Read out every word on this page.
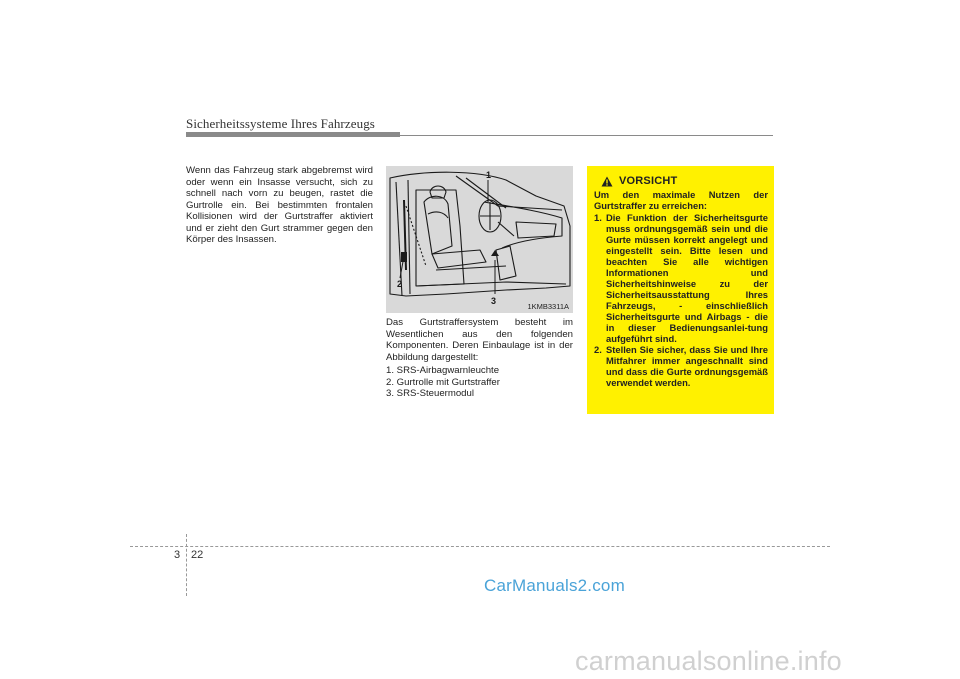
Sicherheitssysteme Ihres Fahrzeugs
Wenn das Fahrzeug stark abgebremst wird oder wenn ein Insasse versucht, sich zu schnell nach vorn zu beugen, rastet die Gurtrolle ein. Bei bestimmten frontalen Kollisionen wird der Gurtstraffer aktiviert und er zieht den Gurt strammer gegen den Körper des Insassen.
1
2
3
1KMB3311A

Das Gurtstraffersystem besteht im Wesentlichen aus den folgenden Komponenten. Deren Einbaulage ist in der Abbildung dargestellt:

1. SRS-Airbagwarnleuchte

2. Gurtrolle mit Gurtstraffer

3. SRS-Steuermodul

VORSICHT
Um den maximale Nutzen der Gurtstraffer zu erreichen:
1. Die Funktion der Sicherheitsgurte muss ordnungsgemäß sein und die Gurte müssen korrekt angelegt und eingestellt sein. Bitte lesen und beachten Sie alle wichtigen Informationen und Sicherheitshinweise zu der Sicherheitsausstattung Ihres Fahrzeugs, - einschließlich Sicherheitsgurte und Airbags - die in dieser Bedienungsanlei-tung aufgeführt sind.
2. Stellen Sie sicher, dass Sie und Ihre Mitfahrer immer angeschnallt sind und dass die Gurte ordnungsgemäß verwendet werden.
3 22
CarManuals2.com
carmanualsonline.info
